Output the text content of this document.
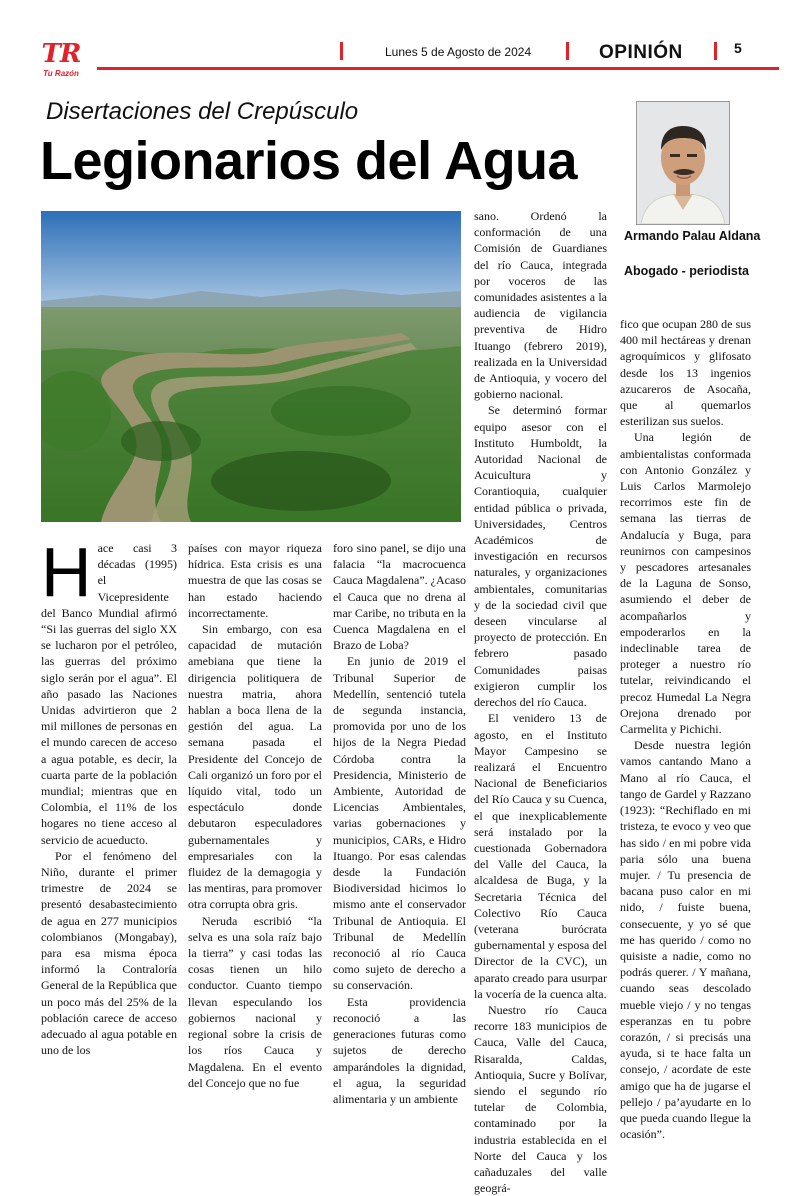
TR
Tu Razón
Lunes 5 de Agosto de 2024	OPINIÓN	5
Disertaciones del Crepúsculo
Legionarios del Agua
Armando Palau Aldana
Abogado - periodista
H ace casi 3 décadas (1995) el Vicepresidente del Banco Mundial afirmó “Si las guerras del siglo XX se lucharon por el petróleo, las guerras del próximo siglo serán por el agua”. El año pasado las Naciones Unidas advirtieron que 2 mil millones de personas en el mundo carecen de acceso a agua potable, es decir, la cuarta parte de la población mundial; mientras que en Colombia, el 11% de los hogares no tiene acceso al servicio de acueducto.

Por el fenómeno del Niño, durante el primer trimestre de 2024 se presentó desabastecimiento de agua en 277 municipios colombianos (Mongabay), para esa misma época informó la Contraloría General de la República que un poco más del 25% de la población carece de acceso adecuado al agua potable en uno de los

países con mayor riqueza hídrica. Esta crisis es una muestra de que las cosas se han estado haciendo incorrectamente.

Sin embargo, con esa capacidad de mutación amebiana que tiene la dirigencia politiquera de nuestra matria, ahora hablan a boca llena de la gestión del agua. La semana pasada el Presidente del Concejo de Cali organizó un foro por el líquido vital, todo un espectáculo donde debutaron especuladores gubernamentales y empresariales con la fluidez de la demagogia y las mentiras, para promover otra corrupta obra gris.

Neruda escribió “la selva es una sola raíz bajo la tierra” y casi todas las cosas tienen un hilo conductor. Cuanto tiempo llevan especulando los gobiernos nacional y regional sobre la crisis de los ríos Cauca y Magdalena. En el evento del Concejo que no fue

foro sino panel, se dijo una falacia “la macrocuenca Cauca Magdalena”. ¿Acaso el Cauca que no drena al mar Caribe, no tributa en la Cuenca Magdalena en el Brazo de Loba?

En junio de 2019 el Tribunal Superior de Medellín, sentenció tutela de segunda instancia, promovida por uno de los hijos de la Negra Piedad Córdoba contra la Presidencia, Ministerio de Ambiente, Autoridad de Licencias Ambientales, varias gobernaciones y municipios, CARs, e Hidro Ituango. Por esas calendas desde la Fundación Biodiversidad hicimos lo mismo ante el conservador Tribunal de Antioquia. El Tribunal de Medellín reconoció al río Cauca como sujeto de derecho a su conservación.

Esta providencia reconoció a las generaciones futuras como sujetos de derecho amparándoles la dignidad, el agua, la seguridad alimentaria y un ambiente

sano. Ordenó la conformación de una Comisión de Guardianes del río Cauca, integrada por voceros de las comunidades asistentes a la audiencia de vigilancia preventiva de Hidro Ituango (febrero 2019), realizada en la Universidad de Antioquia, y vocero del gobierno nacional.

Se determinó formar equipo asesor con el Instituto Humboldt, la Autoridad Nacional de Acuicultura y Corantioquia, cualquier entidad pública o privada, Universidades, Centros Académicos de investigación en recursos naturales, y organizaciones ambientales, comunitarias y de la sociedad civil que deseen vincularse al proyecto de protección. En febrero pasado Comunidades paisas exigieron cumplir los derechos del río Cauca.

El venidero 13 de agosto, en el Instituto Mayor Campesino se realizará el Encuentro Nacional de Beneficiarios del Río Cauca y su Cuenca, el que inexplicablemente será instalado por la cuestionada Gobernadora del Valle del Cauca, la alcaldesa de Buga, y la Secretaria Técnica del Colectivo Río Cauca (veterana burócrata gubernamental y esposa del Director de la CVC), un aparato creado para usurpar la vocería de la cuenca alta.

Nuestro río Cauca recorre 183 municipios de Cauca, Valle del Cauca, Risaralda, Caldas, Antioquia, Sucre y Bolívar, siendo el segundo río tutelar de Colombia, contaminado por la industria establecida en el Norte del Cauca y los cañaduzales del valle geográ-

fico que ocupan 280 de sus 400 mil hectáreas y drenan agroquímicos y glifosato desde los 13 ingenios azucareros de Asocaña, que al quemarlos esterilizan sus suelos.

Una legión de ambientalistas conformada con Antonio González y Luis Carlos Marmolejo recorrimos este fin de semana las tierras de Andalucía y Buga, para reunirnos con campesinos y pescadores artesanales de la Laguna de Sonso, asumiendo el deber de acompañarlos y empoderarlos en la indeclinable tarea de proteger a nuestro río tutelar, reivindicando el precoz Humedal La Negra Orejona drenado por Carmelita y Pichichi.

Desde nuestra legión vamos cantando Mano a Mano al río Cauca, el tango de Gardel y Razzano (1923): “Rechiflado en mi tristeza, te evoco y veo que has sido / en mi pobre vida paria sólo una buena mujer. / Tu presencia de bacana puso calor en mi nido, / fuiste buena, consecuente, y yo sé que me has querido / como no quisiste a nadie, como no podrás querer. / Y mañana, cuando seas descolado mueble viejo / y no tengas esperanzas en tu pobre corazón, / si precisás una ayuda, si te hace falta un consejo, / acordate de este amigo que ha de jugarse el pellejo / pa’ayudarte en lo que pueda cuando llegue la ocasión”.
